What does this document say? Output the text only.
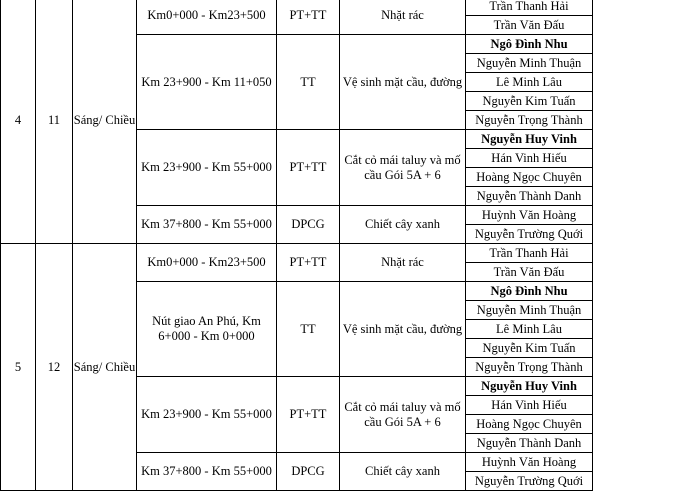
4	11	Sáng/ Chiều	Km0+000 - Km23+500	PT+TT	Nhặt rác	Trần Thanh Hải
						Trần Văn Đấu
			Km 23+900 - Km 11+050	TT	Vệ sinh mặt cầu, đường	Ngô Đình Nhu
						Nguyễn Minh Thuận
						Lê Minh Lâu
						Nguyễn Kim Tuấn
						Nguyễn Trọng Thành
			Km 23+900 - Km 55+000	PT+TT	Cắt cỏ mái taluy và mố cầu Gói 5A + 6	Nguyễn Huy Vinh
						Hán Vinh Hiếu
						Hoàng Ngọc Chuyên
						Nguyễn Thành Danh
			Km 37+800 - Km 55+000	DPCG	Chiết cây xanh	Huỳnh Văn Hoàng
						Nguyễn Trường Quới
5	12	Sáng/ Chiều	Km0+000 - Km23+500	PT+TT	Nhặt rác	Trần Thanh Hải
						Trần Văn Đấu
			Nút giao An Phú, Km 6+000 - Km 0+000	TT	Vệ sinh mặt cầu, đường	Ngô Đình Nhu
						Nguyễn Minh Thuận
						Lê Minh Lâu
						Nguyễn Kim Tuấn
						Nguyễn Trọng Thành
			Km 23+900 - Km 55+000	PT+TT	Cắt cỏ mái taluy và mố cầu Gói 5A + 6	Nguyễn Huy Vinh
						Hán Vinh Hiếu
						Hoàng Ngọc Chuyên
						Nguyễn Thành Danh
			Km 37+800 - Km 55+000	DPCG	Chiết cây xanh	Huỳnh Văn Hoàng
						Nguyễn Trường Quới
